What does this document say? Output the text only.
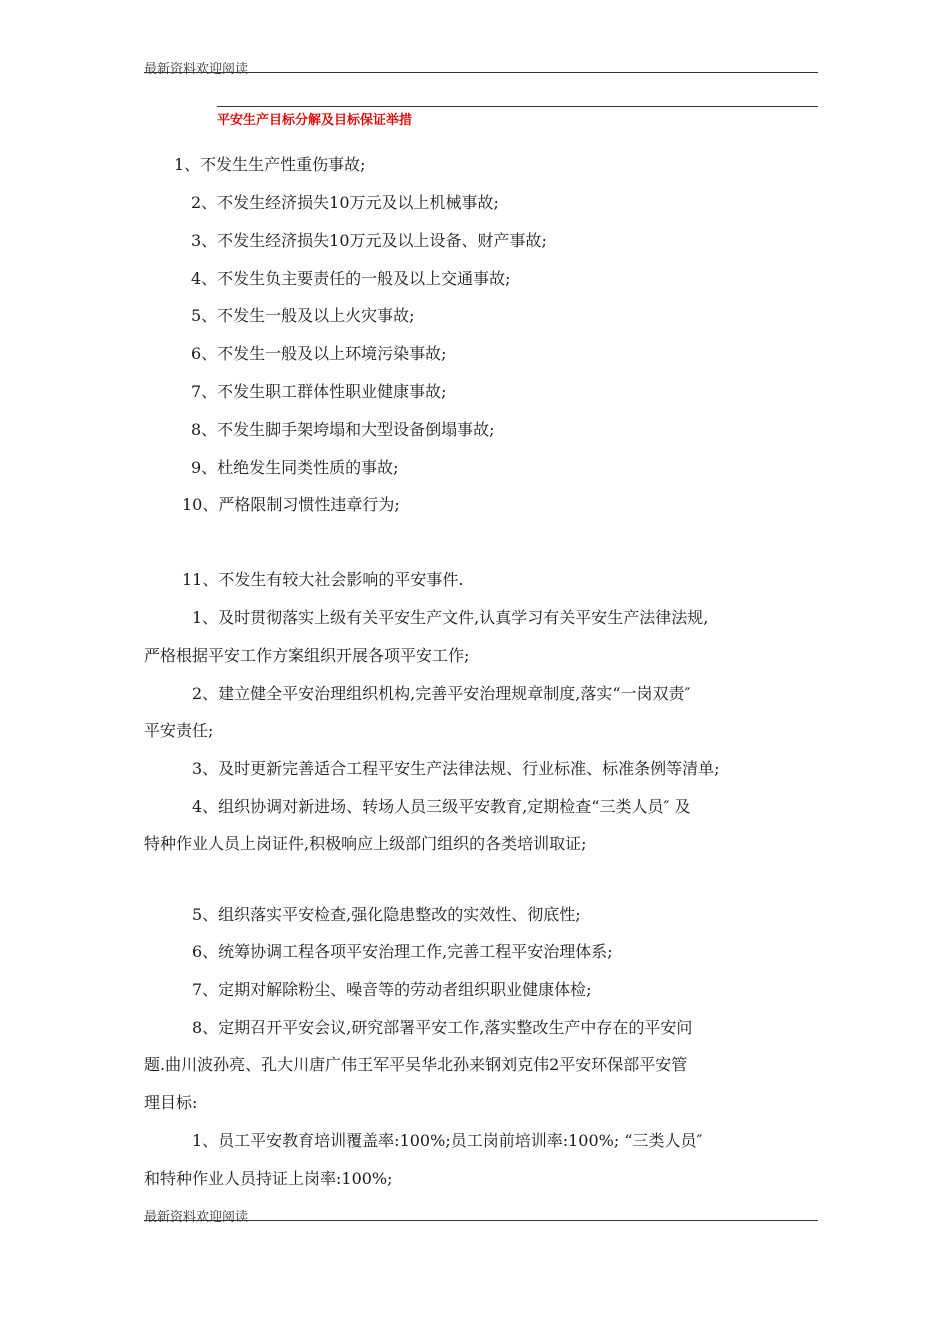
最新资料欢迎阅读
平安生产目标分解及目标保证举措
1、不发生生产性重伤事故;
2、不发生经济损失10万元及以上机械事故;
3、不发生经济损失10万元及以上设备、财产事故;
4、不发生负主要责任的一般及以上交通事故;
5、不发生一般及以上火灾事故;
6、不发生一般及以上环境污染事故;
7、不发生职工群体性职业健康事故;
8、不发生脚手架垮塌和大型设备倒塌事故;
9、杜绝发生同类性质的事故;
10、严格限制习惯性违章行为;
11、不发生有较大社会影响的平安事件.
1、及时贯彻落实上级有关平安生产文件,认真学习有关平安生产法律法规,
严格根据平安工作方案组织开展各项平安工作;
2、建立健全平安治理组织机构,完善平安治理规章制度,落实“一岗双责″
平安责任;
3、及时更新完善适合工程平安生产法律法规、行业标准、标准条例等清单;
4、组织协调对新进场、转场人员三级平安教育,定期检查“三类人员″ 及
特种作业人员上岗证件,积极响应上级部门组织的各类培训取证;
5、组织落实平安检查,强化隐患整改的实效性、彻底性;
6、统筹协调工程各项平安治理工作,完善工程平安治理体系;
7、定期对解除粉尘、噪音等的劳动者组织职业健康体检;
8、定期召开平安会议,研究部署平安工作,落实整改生产中存在的平安问
题.曲川波孙亮、孔大川唐广伟王军平吴华北孙来钢刘克伟2平安环保部平安管
理目标:
1、员工平安教育培训覆盖率:100%;员工岗前培训率:100%; “三类人员″
和特种作业人员持证上岗率:100%;
最新资料欢迎阅读
